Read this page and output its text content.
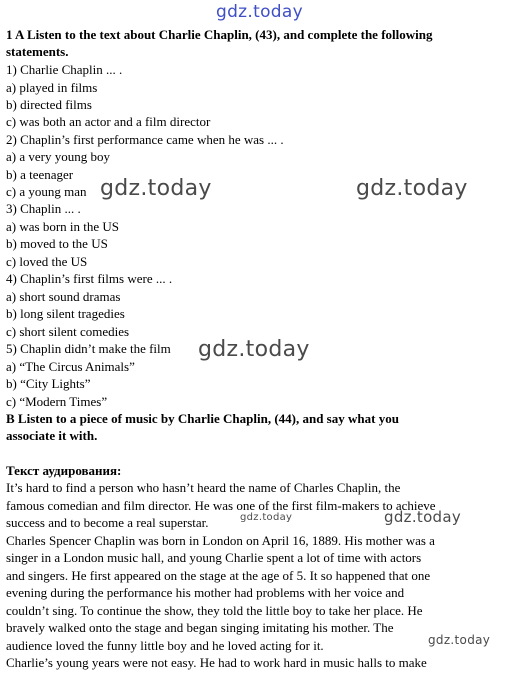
gdz.today
1 A Listen to the text about Charlie Chaplin, (43), and complete the following
statements.
1) Charlie Chaplin ... .
a) played in films
b) directed films
c) was both an actor and a film director
2) Chaplin’s first performance came when he was ... .
a) a very young boy
b) a teenager
c) a young man
3) Chaplin ... .
a) was born in the US
b) moved to the US
c) loved the US
4) Chaplin’s first films were ... .
a) short sound dramas
b) long silent tragedies
c) short silent comedies
5) Chaplin didn’t make the film
a) “The Circus Animals”
b) “City Lights”
c) “Modern Times”
B Listen to a piece of music by Charlie Chaplin, (44), and say what you
associate it with.
Текст аудирования:
It’s hard to find a person who hasn’t heard the name of Charles Chaplin, the
famous comedian and film director. He was one of the first film-makers to achieve
success and to become a real superstar.
Charles Spencer Chaplin was born in London on April 16, 1889. His mother was a
singer in a London music hall, and young Charlie spent a lot of time with actors
and singers. He first appeared on the stage at the age of 5. It so happened that one
evening during the performance his mother had problems with her voice and
couldn’t sing. To continue the show, they told the little boy to take her place. He
bravely walked onto the stage and began singing imitating his mother. The
audience loved the funny little boy and he loved acting for it.
Charlie’s young years were not easy. He had to work hard in music halls to make
gdz.today	gdz.today
gdz.today
gdz.today	gdz.today
gdz.today
